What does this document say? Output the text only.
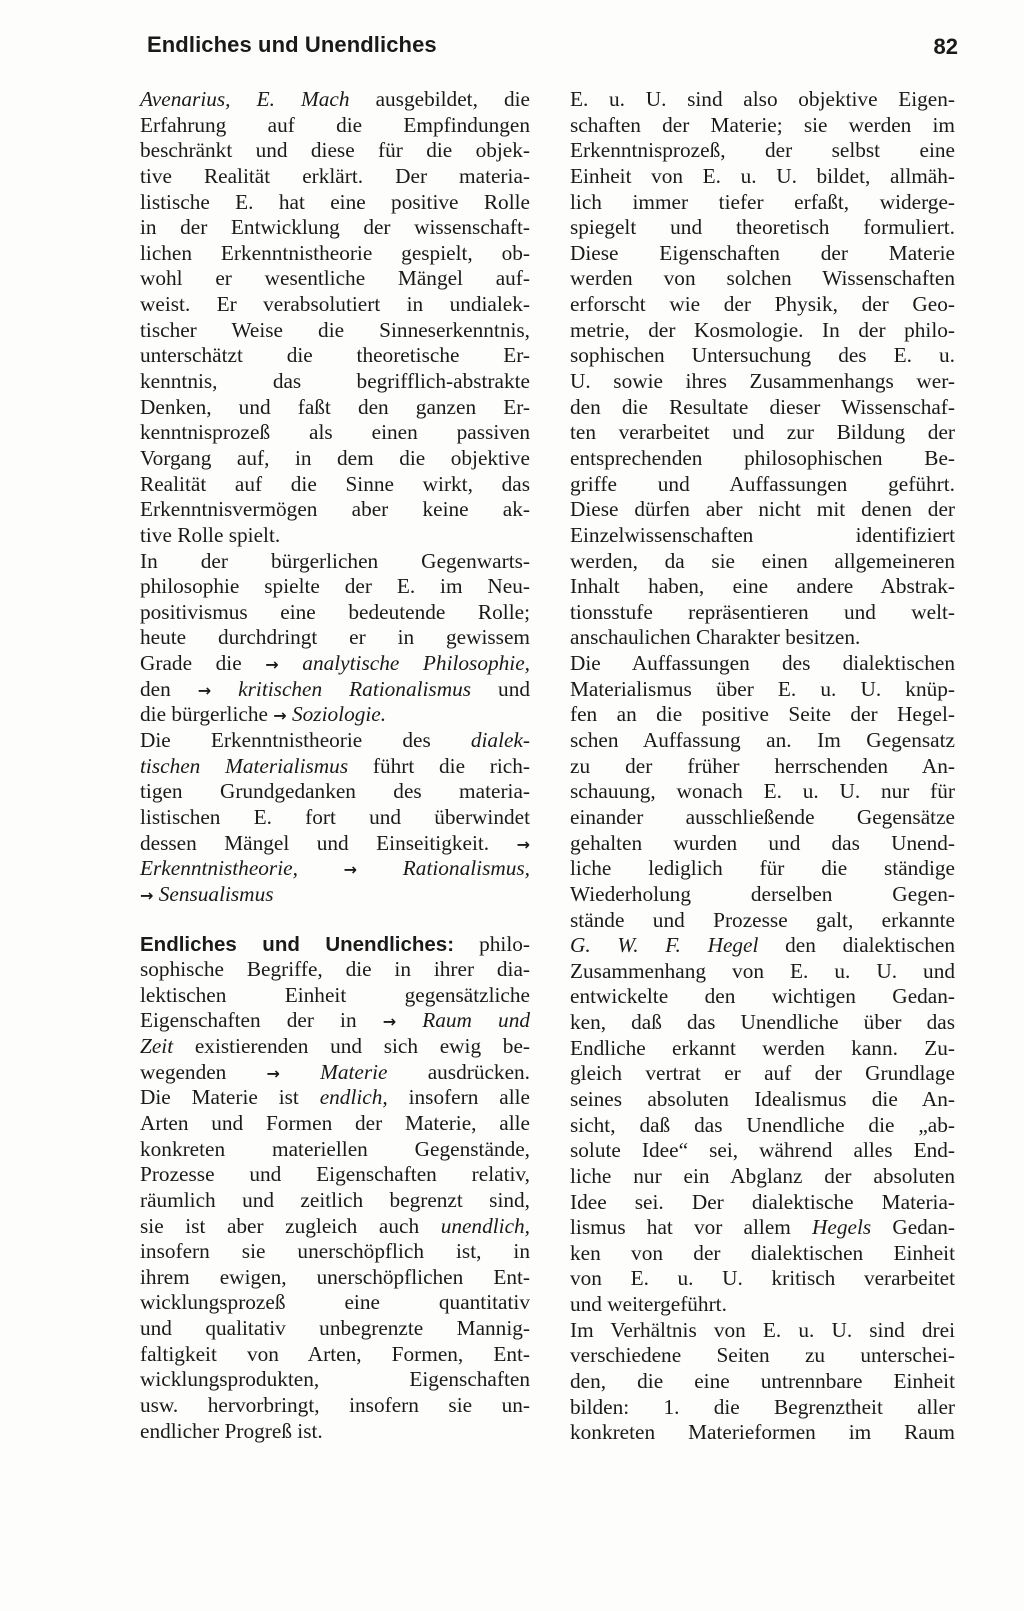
Endliches und Unendliches	82
Avenarius, E. Mach ausgebildet, die
Erfahrung auf die Empfindungen
beschränkt und diese für die objek-
tive Realität erklärt. Der materia-
listische E. hat eine positive Rolle
in der Entwicklung der wissenschaft-
lichen Erkenntnistheorie gespielt, ob-
wohl er wesentliche Mängel auf-
weist. Er verabsolutiert in undialek-
tischer Weise die Sinneserkenntnis,
unterschätzt die theoretische Er-
kenntnis, das begrifflich-abstrakte
Denken, und faßt den ganzen Er-
kenntnisprozeß als einen passiven
Vorgang auf, in dem die objektive
Realität auf die Sinne wirkt, das
Erkenntnisvermögen aber keine ak-
tive Rolle spielt.
In der bürgerlichen Gegenwarts-
philosophie spielte der E. im Neu-
positivismus eine bedeutende Rolle;
heute durchdringt er in gewissem
Grade die → analytische Philosophie,
den → kritischen Rationalismus und
die bürgerliche → Soziologie.
Die Erkenntnistheorie des dialek-
tischen Materialismus führt die rich-
tigen Grundgedanken des materia-
listischen E. fort und überwindet
dessen Mängel und Einseitigkeit. →
Erkenntnistheorie, → Rationalismus,
→ Sensualismus
Endliches und Unendliches: philo-
sophische Begriffe, die in ihrer dia-
lektischen Einheit gegensätzliche
Eigenschaften der in → Raum und
Zeit existierenden und sich ewig be-
wegenden → Materie ausdrücken.
Die Materie ist endlich, insofern alle
Arten und Formen der Materie, alle
konkreten materiellen Gegenstände,
Prozesse und Eigenschaften relativ,
räumlich und zeitlich begrenzt sind,
sie ist aber zugleich auch unendlich,
insofern sie unerschöpflich ist, in
ihrem ewigen, unerschöpflichen Ent-
wicklungsprozeß eine quantitativ
und qualitativ unbegrenzte Mannig-
faltigkeit von Arten, Formen, Ent-
wicklungsprodukten, Eigenschaften
usw. hervorbringt, insofern sie un-
endlicher Progreß ist.
E. u. U. sind also objektive Eigen-
schaften der Materie; sie werden im
Erkenntnisprozeß, der selbst eine
Einheit von E. u. U. bildet, allmäh-
lich immer tiefer erfaßt, widerge-
spiegelt und theoretisch formuliert.
Diese Eigenschaften der Materie
werden von solchen Wissenschaften
erforscht wie der Physik, der Geo-
metrie, der Kosmologie. In der philo-
sophischen Untersuchung des E. u.
U. sowie ihres Zusammenhangs wer-
den die Resultate dieser Wissenschaf-
ten verarbeitet und zur Bildung der
entsprechenden philosophischen Be-
griffe und Auffassungen geführt.
Diese dürfen aber nicht mit denen der
Einzelwissenschaften identifiziert
werden, da sie einen allgemeineren
Inhalt haben, eine andere Abstrak-
tionsstufe repräsentieren und welt-
anschaulichen Charakter besitzen.
Die Auffassungen des dialektischen
Materialismus über E. u. U. knüp-
fen an die positive Seite der Hegel-
schen Auffassung an. Im Gegensatz
zu der früher herrschenden An-
schauung, wonach E. u. U. nur für
einander ausschließende Gegensätze
gehalten wurden und das Unend-
liche lediglich für die ständige
Wiederholung derselben Gegen-
stände und Prozesse galt, erkannte
G. W. F. Hegel den dialektischen
Zusammenhang von E. u. U. und
entwickelte den wichtigen Gedan-
ken, daß das Unendliche über das
Endliche erkannt werden kann. Zu-
gleich vertrat er auf der Grundlage
seines absoluten Idealismus die An-
sicht, daß das Unendliche die „ab-
solute Idee“ sei, während alles End-
liche nur ein Abglanz der absoluten
Idee sei. Der dialektische Materia-
lismus hat vor allem Hegels Gedan-
ken von der dialektischen Einheit
von E. u. U. kritisch verarbeitet
und weitergeführt.
Im Verhältnis von E. u. U. sind drei
verschiedene Seiten zu unterschei-
den, die eine untrennbare Einheit
bilden: 1. die Begrenztheit aller
konkreten Materieformen im Raum
